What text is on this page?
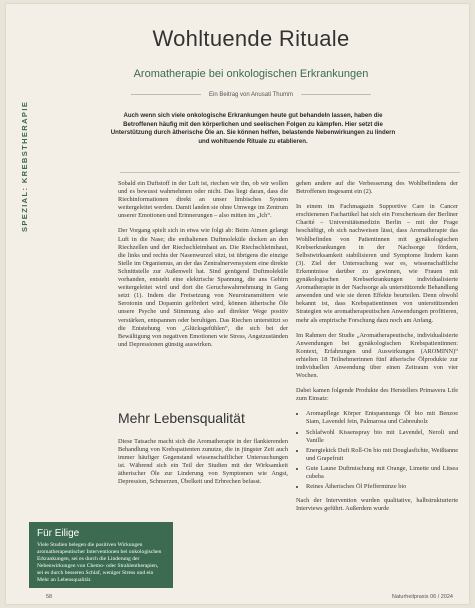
SPEZIAL: KREBSTHERAPIE
Wohltuende Rituale
Aromatherapie bei onkologischen Erkrankungen
Ein Beitrag von Anusati Thumm
Auch wenn sich viele onkologische Erkrankungen heute gut behandeln lassen, haben die Betroffenen häufig mit den körperlichen und seelischen Folgen zu kämpfen. Hier setzt die Unterstützung durch ätherische Öle an. Sie können helfen, belastende Nebenwirkungen zu lindern und wohltuende Rituale zu etablieren.

Sobald ein Duftstoff in der Luft ist, riechen wir ihn, ob wir wollen und es bewusst wahrnehmen oder nicht. Das liegt daran, dass die Riechinformationen direkt an unser limbisches System weitergeleitet werden. Damit landen sie ohne Umwege im Zentrum unserer Emotionen und Erinnerungen – also mitten im „Ich“.

Der Vorgang spielt sich in etwa wie folgt ab: Beim Atmen gelangt Luft in die Nase; die enthaltenen Duftmoleküle docken an den Riechzellen und der Riechschleimhaut an. Die Riechschleimhaut, die links und rechts der Nasenwurzel sitzt, ist übrigens die einzige Stelle im Organismus, an der das Zentralnervensystem eine direkte Schnittstelle zur Außenwelt hat. Sind genügend Duftmoleküle vorhanden, entsteht eine elektrische Spannung, die ans Gehirn weitergeleitet wird und dort die Geruchswahrnehmung in Gang setzt (1). Indem die Freisetzung von Neurotransmittern wie Serotonin und Dopamin gefördert wird, können ätherische Öle unsere Psyche und Stimmung also auf direkter Wege positiv verstärken, entspannen oder beruhigen. Das Riechen unterstützt so die Entstehung von „Glücksgefühlen“, die sich bei der Bewältigung von negativen Emotionen wie Stress, Angstzuständen und Depressionen günstig auswirken.

Mehr Lebensqualität

Diese Tatsache macht sich die Aromatherapie in der flankierenden Behandlung von Krebspatienten zunutze, die in jüngster Zeit auch immer häufiger Gegenstand wissenschaftlicher Untersuchungen ist. Während sich ein Teil der Studien mit der Wirksamkeit ätherischer Öle zur Linderung von Symptomen wie Angst, Depression, Schmerzen, Übelkeit und Erbrechen befasst.

gehen andere auf die Verbesserung des Wohlbefindens der Betroffenen insgesamt ein (2).

In einem im Fachmagazin Supportive Care in Cancer erschienenen Fachartikel hat sich ein Forscherteam der Berliner Charité – Universitätsmedizin Berlin – mit der Frage beschäftigt, ob sich nachweisen lässt, dass Aromatherapie das Wohlbefinden von Patientinnen mit gynäkologischen Krebserkrankungen in der Nachsorge fördern, Selbstwirksamkeit stabilisieren und Symptome lindern kann (3). Ziel der Untersuchung war es, wissenschaftliche Erkenntnisse darüber zu gewinnen, wie Frauen mit gynäkologischen Krebserkrankungen individualisierte Aromatherapie in der Nachsorge als unterstützende Behandlung anwenden und wie sie deren Effekte beurteilen. Denn obwohl bekannt ist, dass Krebspatientinnen von unterstützenden Strategien wie aromatherapeutischen Anwendungen profitieren, mehr als empirische Forschung dazu noch am Anfang.

Im Rahmen der Studie „Aromatherapeutische, individualisierte Anwendungen bei gynäkologischen Krebspatientinnen: Kontext, Erfahrungen und Auswirkungen (AROMINN)“ erhielten 18 Teilnehmerinnen fünf ätherische Ölprodukte zur individuellen Anwendung über einen Zeitraum von vier Wochen.

Dabei kamen folgende Produkte des Herstellers Primavera Life zum Einsatz:

• Aromapflege Körper Entspannungs Öl bio mit Benzoe Siam, Lavendel fein, Palmarosa und Cabreuholz
• Schlafwohl Kissenspray bio mit Lavendel, Neroli und Vanille
• Energiekick Duft Roll-On bio mit Douglasfichte, Weißtanne und Grapefruit
• Gute Laune Duftmischung mit Orange, Limette und Litsea cubeba
• Reines Ätherisches Öl Pfefferminze bio

Nach der Intervention wurden qualitative, halbstrukturierte Interviews geführt. Außerdem wurde

Für Eilige

Viele Studien belegen die positiven Wirkungen aromatherapeutischer Interventionen bei onkologischen Erkrankungen, sei es durch die Linderung der Nebenwirkungen von Chemo- oder Strahlentherapien, sei es durch besseren Schlaf, weniger Stress und ein Mehr an Lebensqualität.

58	Naturheilpraxis 06 / 2024
